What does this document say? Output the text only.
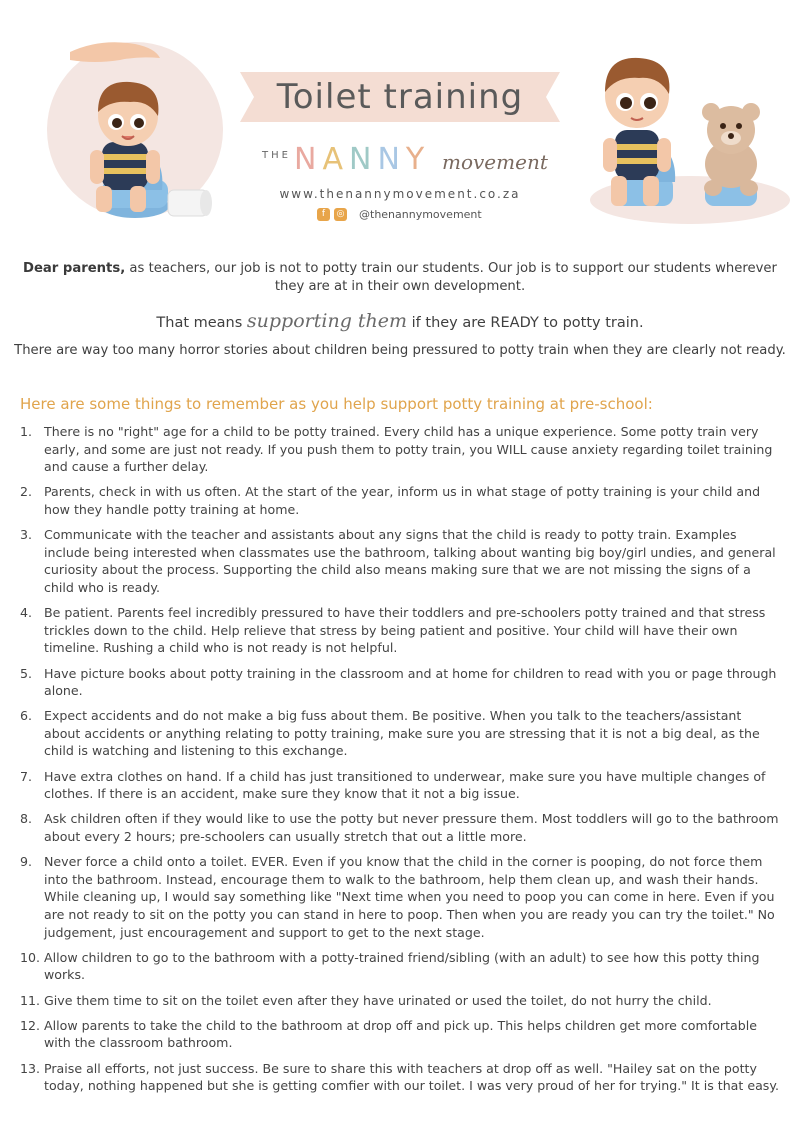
Toilet training
THE NANNY movement
www.thenannymovement.co.za
f	◎ @thenannymovement
Dear parents, as teachers, our job is not to potty train our students. Our job is to support our students wherever they are at in their own development.
That means supporting them if they are READY to potty train.
There are way too many horror stories about children being pressured to potty train when they are clearly not ready.
Here are some things to remember as you help support potty training at pre-school:
1. There is no "right" age for a child to be potty trained. Every child has a unique experience. Some potty train very early, and some are just not ready. If you push them to potty train, you WILL cause anxiety regarding toilet training and cause a further delay.
2. Parents, check in with us often. At the start of the year, inform us in what stage of potty training is your child and how they handle potty training at home.
3. Communicate with the teacher and assistants about any signs that the child is ready to potty train. Examples include being interested when classmates use the bathroom, talking about wanting big boy/girl undies, and general curiosity about the process. Supporting the child also means making sure that we are not missing the signs of a child who is ready.
4. Be patient. Parents feel incredibly pressured to have their toddlers and pre-schoolers potty trained and that stress trickles down to the child. Help relieve that stress by being patient and positive. Your child will have their own timeline. Rushing a child who is not ready is not helpful.
5. Have picture books about potty training in the classroom and at home for children to read with you or page through alone.
6. Expect accidents and do not make a big fuss about them. Be positive. When you talk to the teachers/assistant about accidents or anything relating to potty training, make sure you are stressing that it is not a big deal, as the child is watching and listening to this exchange.
7. Have extra clothes on hand. If a child has just transitioned to underwear, make sure you have multiple changes of clothes. If there is an accident, make sure they know that it not a big issue.
8. Ask children often if they would like to use the potty but never pressure them. Most toddlers will go to the bathroom about every 2 hours; pre-schoolers can usually stretch that out a little more.
9. Never force a child onto a toilet. EVER. Even if you know that the child in the corner is pooping, do not force them into the bathroom. Instead, encourage them to walk to the bathroom, help them clean up, and wash their hands. While cleaning up, I would say something like "Next time when you need to poop you can come in here. Even if you are not ready to sit on the potty you can stand in here to poop. Then when you are ready you can try the toilet." No judgement, just encouragement and support to get to the next stage.
10. Allow children to go to the bathroom with a potty-trained friend/sibling (with an adult) to see how this potty thing works.
11. Give them time to sit on the toilet even after they have urinated or used the toilet, do not hurry the child.
12. Allow parents to take the child to the bathroom at drop off and pick up. This helps children get more comfortable with the classroom bathroom.
13. Praise all efforts, not just success. Be sure to share this with teachers at drop off as well. "Hailey sat on the potty today, nothing happened but she is getting comfier with our toilet. I was very proud of her for trying." It is that easy.
